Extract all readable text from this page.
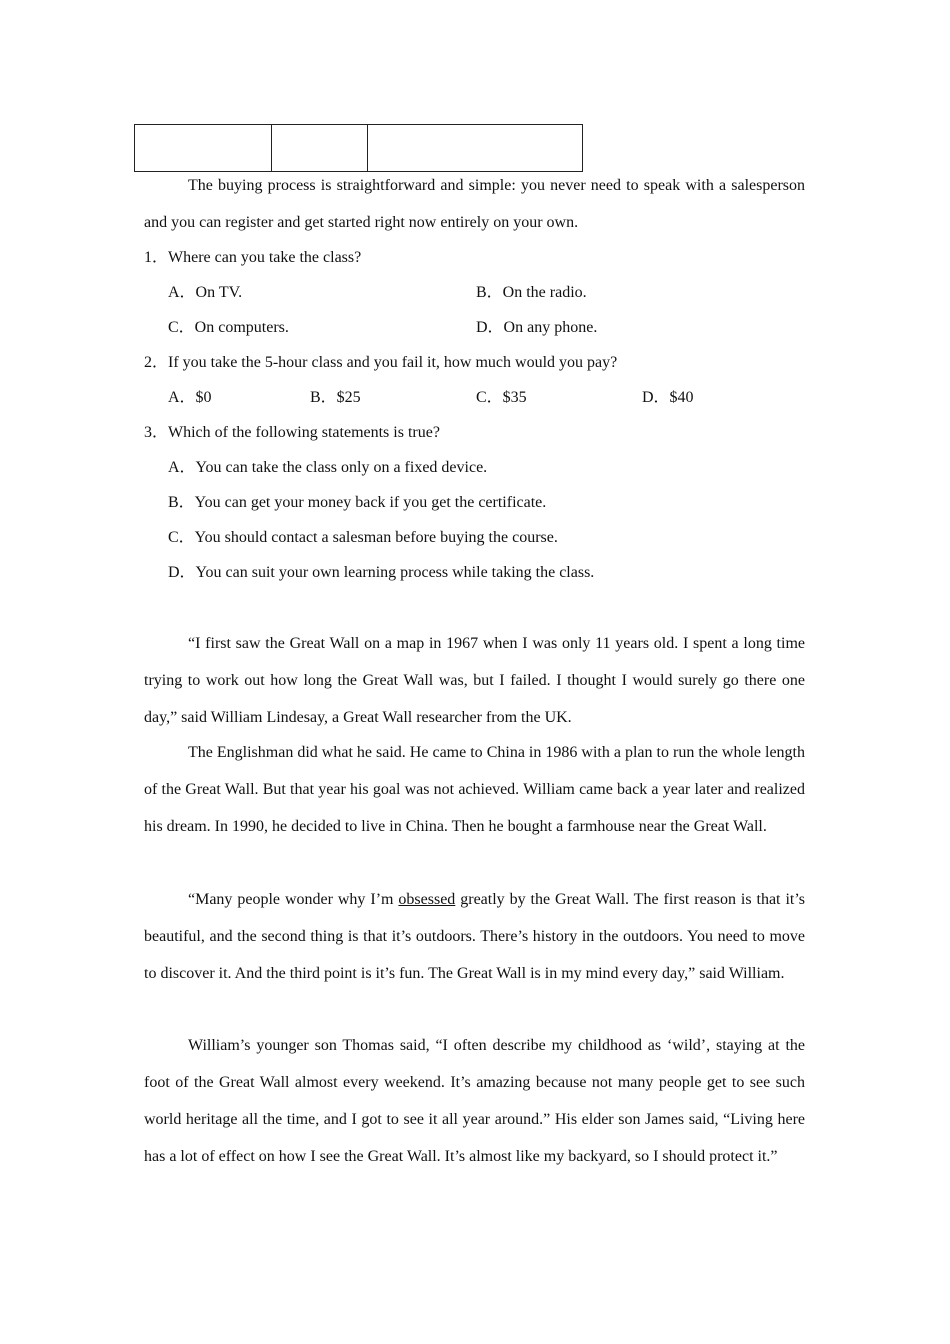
The buying process is straightforward and simple: you never need to speak with a salesperson and you can register and get started right now entirely on your own.

1．Where can you take the class?

A．On TV.	B．On the radio.

C．On computers.	D．On any phone.

2．If you take the 5-hour class and you fail it, how much would you pay?

A．$0	B．$25	C．$35	D．$40

3．Which of the following statements is true?

A．You can take the class only on a fixed device.

B．You can get your money back if you get the certificate.

C．You should contact a salesman before buying the course.

D．You can suit your own learning process while taking the class.

“I first saw the Great Wall on a map in 1967 when I was only 11 years old. I spent a long time trying to work out how long the Great Wall was, but I failed. I thought I would surely go there one day,” said William Lindesay, a Great Wall researcher from the UK.

The Englishman did what he said. He came to China in 1986 with a plan to run the whole length of the Great Wall. But that year his goal was not achieved. William came back a year later and realized his dream. In 1990, he decided to live in China. Then he bought a farmhouse near the Great Wall.

“Many people wonder why I’m obsessed greatly by the Great Wall. The first reason is that it’s beautiful, and the second thing is that it’s outdoors. There’s history in the outdoors. You need to move to discover it. And the third point is it’s fun. The Great Wall is in my mind every day,” said William.

William’s younger son Thomas said, “I often describe my childhood as ‘wild’, staying at the foot of the Great Wall almost every weekend. It’s amazing because not many people get to see such world heritage all the time, and I got to see it all year around.” His elder son James said, “Living here has a lot of effect on how I see the Great Wall. It’s almost like my backyard, so I should protect it.”
